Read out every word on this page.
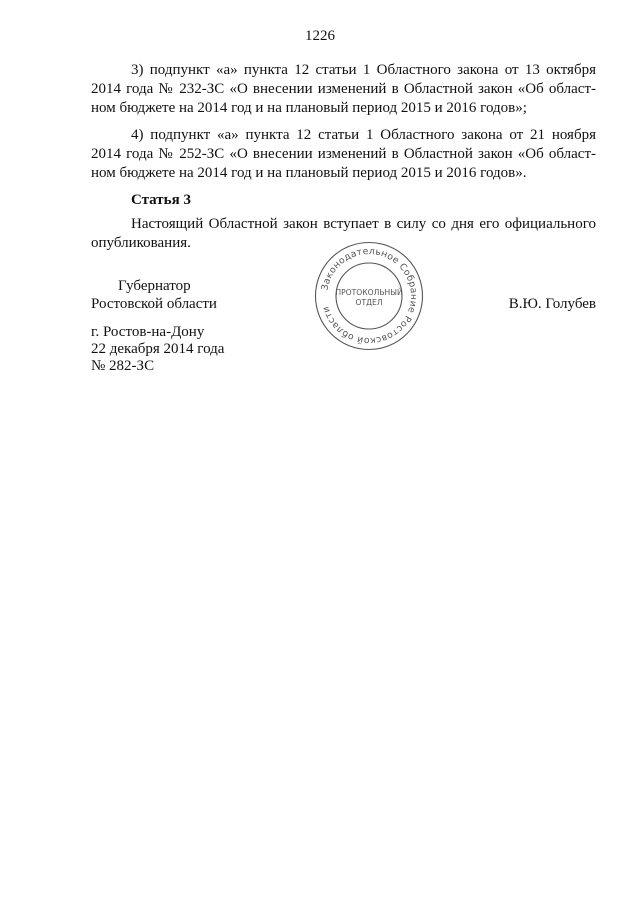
1226
3) подпункт «а» пункта 12 статьи 1 Областного закона от 13 октября
2014 года № 232-ЗС «О внесении изменений в Областной закон «Об област-
ном бюджете на 2014 год и на плановый период 2015 и 2016 годов»;
4) подпункт «а» пункта 12 статьи 1 Областного закона от 21 ноября
2014 года № 252-ЗС «О внесении изменений в Областной закон «Об област-
ном бюджете на 2014 год и на плановый период 2015 и 2016 годов».
Статья 3
Настоящий Областной закон вступает в силу со дня его официального
опубликования.
Губернатор
Ростовской области	В.Ю. Голубев
Законодательное Собрание Ростовской области
ПРОТОКОЛЬНЫЙ
ОТДЕЛ
г. Ростов-на-Дону
22 декабря 2014 года
№ 282-ЗС
